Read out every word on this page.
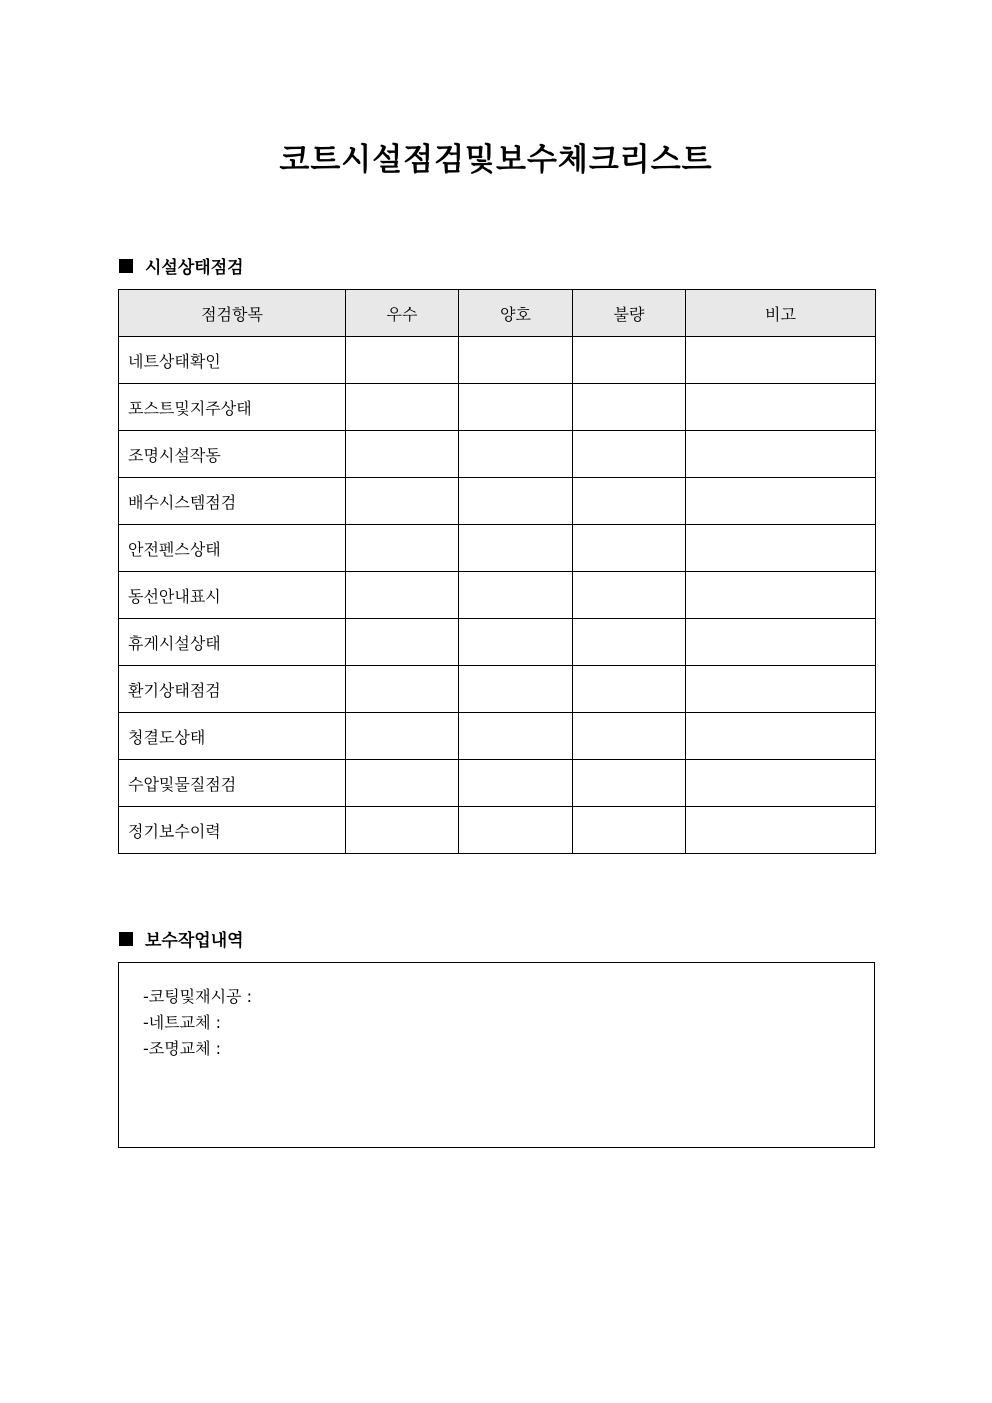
코트시설점검및보수체크리스트
시설상태점검
점검항목	우수	양호	불량	비고
네트상태확인				
포스트및지주상태				
조명시설작동				
배수시스템점검				
안전펜스상태				
동선안내표시				
휴게시설상태				
환기상태점검				
청결도상태				
수압및물질점검				
정기보수이력				
보수작업내역
-코팅및재시공 :
-네트교체 :
-조명교체 :
